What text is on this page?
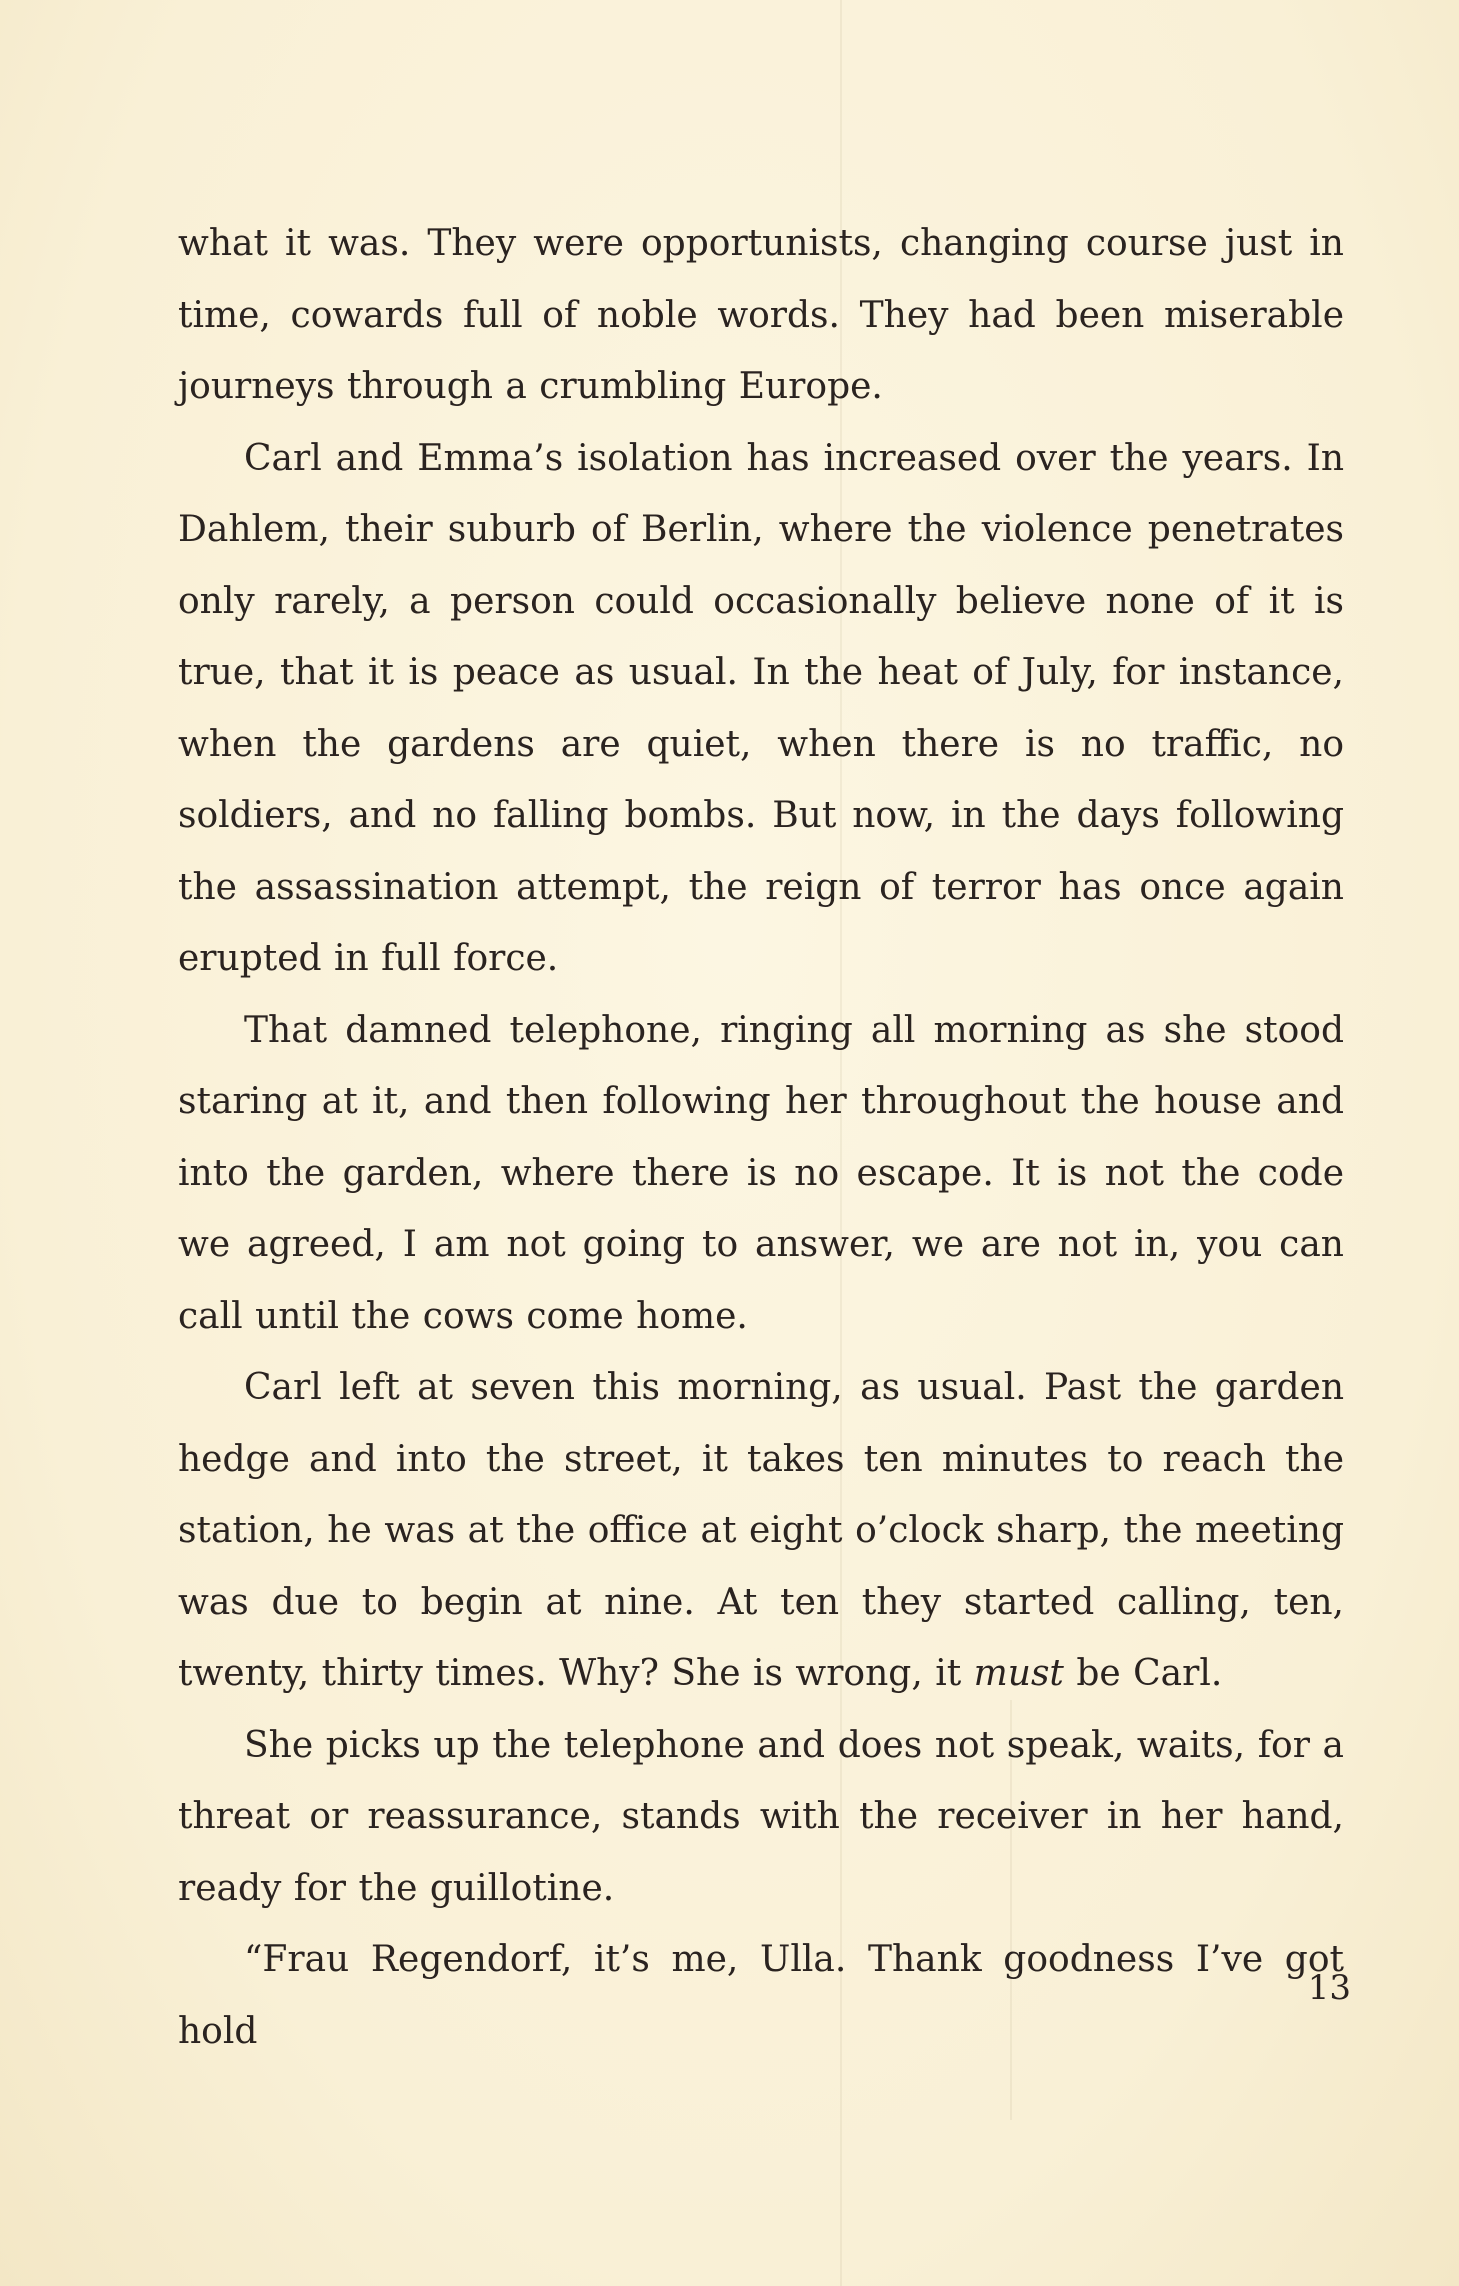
what it was. They were opportunists, changing course just in time, cowards full of noble words. They had been miserable journeys through a crumbling Europe.

Carl and Emma’s isolation has increased over the years. In Dahlem, their suburb of Berlin, where the violence penetrates only rarely, a person could occasionally believe none of it is true, that it is peace as usual. In the heat of July, for instance, when the gardens are quiet, when there is no traffic, no soldiers, and no falling bombs. But now, in the days following the assassination attempt, the reign of terror has once again erupted in full force.

That damned telephone, ringing all morning as she stood staring at it, and then following her throughout the house and into the garden, where there is no escape. It is not the code we agreed, I am not going to answer, we are not in, you can call until the cows come home.

Carl left at seven this morning, as usual. Past the garden hedge and into the street, it takes ten minutes to reach the station, he was at the office at eight o’clock sharp, the meeting was due to begin at nine. At ten they started calling, ten, twenty, thirty times. Why? She is wrong, it must be Carl.

She picks up the telephone and does not speak, waits, for a threat or reassurance, stands with the receiver in her hand, ready for the guillotine.

“Frau Regendorf, it’s me, Ulla. Thank goodness I’ve got hold

13
